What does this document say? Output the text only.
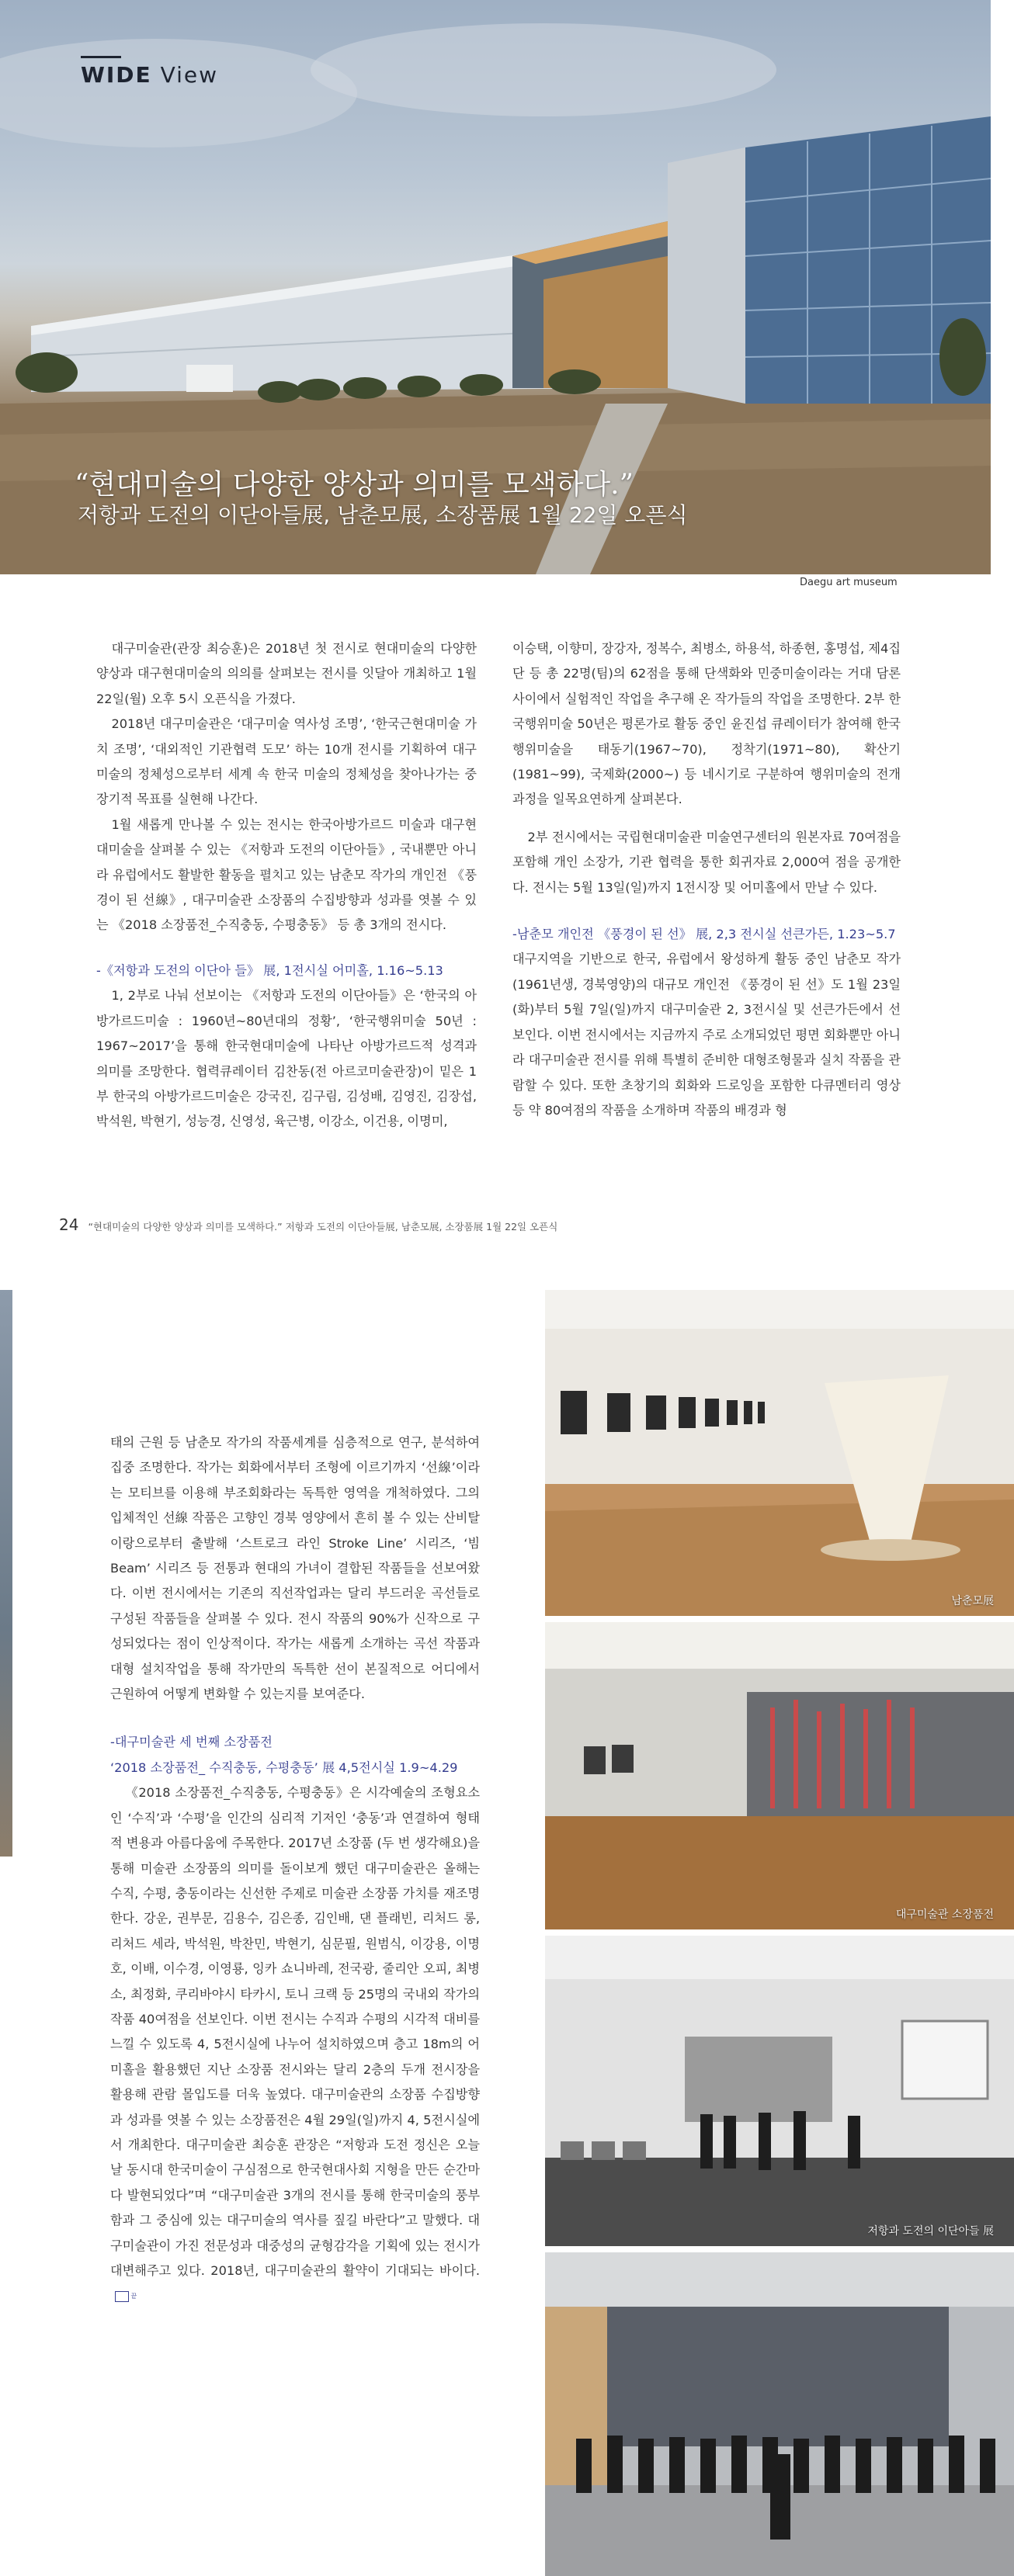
WIDE View
“현대미술의 다양한 양상과 의미를 모색하다.”
저항과 도전의 이단아들展, 남춘모展, 소장품展 1월 22일 오픈식
Daegu art museum

대구미술관(관장 최승훈)은 2018년 첫 전시로 현대미술의 다양한 양상과 대구현대미술의 의의를 살펴보는 전시를 잇달아 개최하고 1월 22일(월) 오후 5시 오픈식을 가졌다.

2018년 대구미술관은 ‘대구미술 역사성 조명’, ‘한국근현대미술 가치 조명’, ‘대외적인 기관협력 도모’ 하는 10개 전시를 기획하여 대구미술의 정체성으로부터 세계 속 한국 미술의 정체성을 찾아나가는 중장기적 목표를 실현해 나간다.

1월 새롭게 만나볼 수 있는 전시는 한국아방가르드 미술과 대구현대미술을 살펴볼 수 있는 《저항과 도전의 이단아들》, 국내뿐만 아니라 유럽에서도 활발한 활동을 펼치고 있는 남춘모 작가의 개인전 《풍경이 된 선線》, 대구미술관 소장품의 수집방향과 성과를 엿볼 수 있는 《2018 소장품전_수직충동, 수평충동》 등 총 3개의 전시다.

-《저항과 도전의 이단아 들》 展, 1전시실 어미홀, 1.16~5.13

1, 2부로 나눠 선보이는 《저항과 도전의 이단아들》은 ‘한국의 아방가르드미술 : 1960년~80년대의 정황’, ‘한국행위미술 50년 : 1967~2017’을 통해 한국현대미술에 나타난 아방가르드적 성격과 의미를 조망한다. 협력큐레이터 김찬동(전 아르코미술관장)이 밑은 1부 한국의 아방가르드미술은 강국진, 김구림, 김성배, 김영진, 김장섭, 박석원, 박현기, 성능경, 신영성, 육근병, 이강소, 이건용, 이명미,

이승택, 이향미, 장강자, 정복수, 최병소, 하용석, 하종현, 홍명섭, 제4집단 등 총 22명(팀)의 62점을 통해 단색화와 민중미술이라는 거대 담론 사이에서 실험적인 작업을 추구해 온 작가들의 작업을 조명한다. 2부 한국행위미술 50년은 평론가로 활동 중인 윤진섭 큐레이터가 참여해 한국행위미술을 태동기(1967~70), 정착기(1971~80), 확산기(1981~99), 국제화(2000~) 등 네시기로 구분하여 행위미술의 전개 과정을 일목요연하게 살펴본다.

2부 전시에서는 국립현대미술관 미술연구센터의 원본자료 70여점을 포함해 개인 소장가, 기관 협력을 통한 회귀자료 2,000여 점을 공개한다. 전시는 5월 13일(일)까지 1전시장 및 어미홀에서 만날 수 있다.

-남춘모 개인전 《풍경이 된 선》 展, 2,3 전시실 선큰가든, 1.23~5.7

대구지역을 기반으로 한국, 유럽에서 왕성하게 활동 중인 남춘모 작가(1961년생, 경북영양)의 대규모 개인전 《풍경이 된 선》도 1월 23일(화)부터 5월 7일(일)까지 대구미술관 2, 3전시실 및 선큰가든에서 선보인다. 이번 전시에서는 지금까지 주로 소개되었던 평면 회화뿐만 아니라 대구미술관 전시를 위해 특별히 준비한 대형조형물과 실치 작품을 관람할 수 있다. 또한 초창기의 회화와 드로잉을 포함한 다큐멘터리 영상 등 약 80여점의 작품을 소개하며 작품의 배경과 형

24 “현대미술의 다양한 양상과 의미를 모색하다.” 저항과 도전의 이단아들展, 남춘모展, 소장품展 1월 22일 오픈식

태의 근원 등 남춘모 작가의 작품세계를 심층적으로 연구, 분석하여 집중 조명한다. 작가는 회화에서부터 조형에 이르기까지 ‘선線’이라는 모티브를 이용해 부조회화라는 독특한 영역을 개척하였다. 그의 입체적인 선線 작품은 고향인 경북 영양에서 흔히 볼 수 있는 산비탈 이랑으로부터 출발해 ‘스트로크 라인 Stroke Line’ 시리즈, ‘빔 Beam’ 시리즈 등 전통과 현대의 가녀이 결합된 작품들을 선보여왔다. 이번 전시에서는 기존의 직선작업과는 달리 부드러운 곡선들로 구성된 작품들을 살펴볼 수 있다. 전시 작품의 90%가 신작으로 구성되었다는 점이 인상적이다. 작가는 새롭게 소개하는 곡선 작품과 대형 설치작업을 통해 작가만의 독특한 선이 본질적으로 어디에서 근원하여 어떻게 변화할 수 있는지를 보여준다.

-대구미술관 세 번째 소장품전

‘2018 소장품전_ 수직충동, 수평충동’ 展 4,5전시실 1.9~4.29

《2018 소장품전_수직충동, 수평충동》은 시각예술의 조형요소인 ‘수직’과 ‘수평’을 인간의 심리적 기저인 ‘충동’과 연결하여 형태적 변용과 아름다움에 주목한다. 2017년 소장품 (두 번 생각해요)을 통해 미술관 소장품의 의미를 돌이보게 했던 대구미술관은 올해는 수직, 수평, 충동이라는 신선한 주제로 미술관 소장품 가치를 재조명 한다. 강운, 권부문, 김용수, 김은종, 김인배, 댄 플래빈, 리처드 롱, 리처드 세라, 박석원, 박찬민, 박현기, 심문필, 원범식, 이강용, 이명호, 이배, 이수경, 이영룡, 잉카 쇼니바레, 전국광, 줄리안 오피, 최병소, 최정화, 쿠리바야시 타카시, 토니 크랙 등 25명의 국내외 작가의 작품 40여점을 선보인다. 이번 전시는 수직과 수평의 시각적 대비를 느낄 수 있도록 4, 5전시실에 나누어 설치하였으며 층고 18m의 어미홀을 활용했던 지난 소장품 전시와는 달리 2층의 두개 전시장을 활용해 관람 몰입도를 더욱 높였다. 대구미술관의 소장품 수집방향과 성과를 엿볼 수 있는 소장품전은 4월 29일(일)까지 4, 5전시실에서 개최한다. 대구미술관 최승훈 관장은 “저항과 도전 정신은 오늘날 동시대 한국미술이 구심점으로 한국현대사회 지형을 만든 순간마다 발현되었다”며 “대구미술관 3개의 전시를 통해 한국미술의 풍부함과 그 중심에 있는 대구미술의 역사를 짚길 바란다”고 말했다. 대구미술관이 가진 전문성과 대중성의 균형감각을 기획에 있는 전시가 대변해주고 있다. 2018년, 대구미술관의 활약이 기대되는 바이다.끝

남춘모展
대구미술관 소장품전
저항과 도전의 이단아들 展
